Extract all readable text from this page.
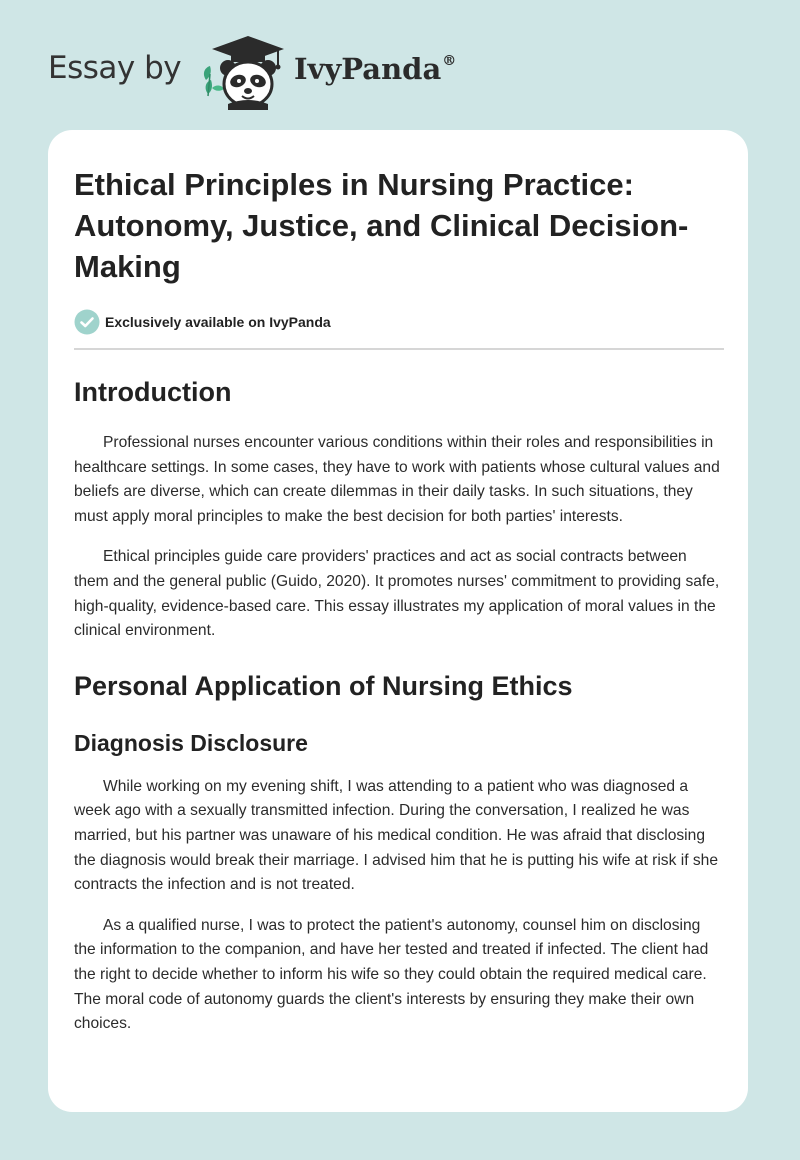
Essay by	IvyPanda®
Ethical Principles in Nursing Practice: Autonomy, Justice, and Clinical Decision-Making
Exclusively available on IvyPanda
Introduction

Professional nurses encounter various conditions within their roles and responsibilities in healthcare settings. In some cases, they have to work with patients whose cultural values and beliefs are diverse, which can create dilemmas in their daily tasks. In such situations, they must apply moral principles to make the best decision for both parties' interests.

Ethical principles guide care providers' practices and act as social contracts between them and the general public (Guido, 2020). It promotes nurses' commitment to providing safe, high-quality, evidence-based care. This essay illustrates my application of moral values in the clinical environment.

Personal Application of Nursing Ethics
Diagnosis Disclosure

While working on my evening shift, I was attending to a patient who was diagnosed a week ago with a sexually transmitted infection. During the conversation, I realized he was married, but his partner was unaware of his medical condition. He was afraid that disclosing the diagnosis would break their marriage. I advised him that he is putting his wife at risk if she contracts the infection and is not treated.

As a qualified nurse, I was to protect the patient's autonomy, counsel him on disclosing the information to the companion, and have her tested and treated if infected. The client had the right to decide whether to inform his wife so they could obtain the required medical care. The moral code of autonomy guards the client's interests by ensuring they make their own choices.
